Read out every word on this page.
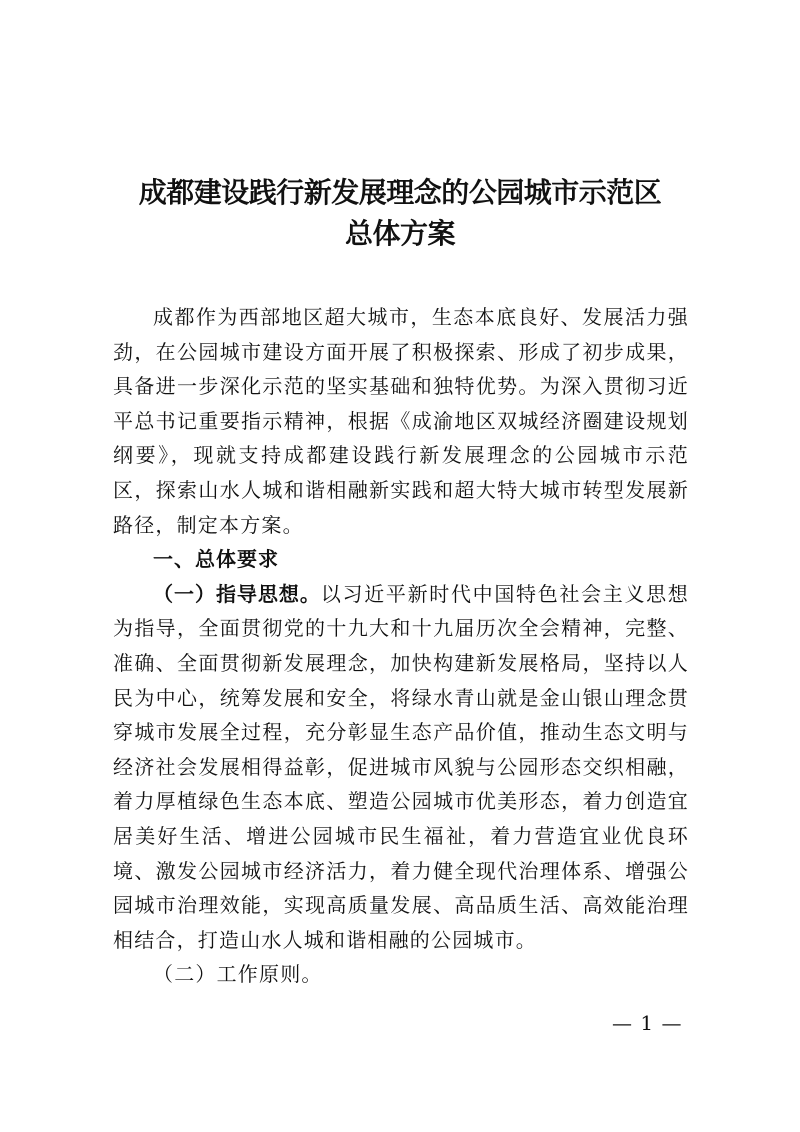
成都建设践行新发展理念的公园城市示范区
总体方案

成都作为西部地区超大城市，生态本底良好、发展活力强劲，在公园城市建设方面开展了积极探索、形成了初步成果，具备进一步深化示范的坚实基础和独特优势。为深入贯彻习近平总书记重要指示精神，根据《成渝地区双城经济圈建设规划纲要》，现就支持成都建设践行新发展理念的公园城市示范区，探索山水人城和谐相融新实践和超大特大城市转型发展新路径，制定本方案。

一、总体要求

（一）指导思想。以习近平新时代中国特色社会主义思想为指导，全面贯彻党的十九大和十九届历次全会精神，完整、准确、全面贯彻新发展理念，加快构建新发展格局，坚持以人民为中心，统筹发展和安全，将绿水青山就是金山银山理念贯穿城市发展全过程，充分彰显生态产品价值，推动生态文明与经济社会发展相得益彰，促进城市风貌与公园形态交织相融，着力厚植绿色生态本底、塑造公园城市优美形态，着力创造宜居美好生活、增进公园城市民生福祉，着力营造宜业优良环境、激发公园城市经济活力，着力健全现代治理体系、增强公园城市治理效能，实现高质量发展、高品质生活、高效能治理相结合，打造山水人城和谐相融的公园城市。

（二）工作原则。

— 1 —
